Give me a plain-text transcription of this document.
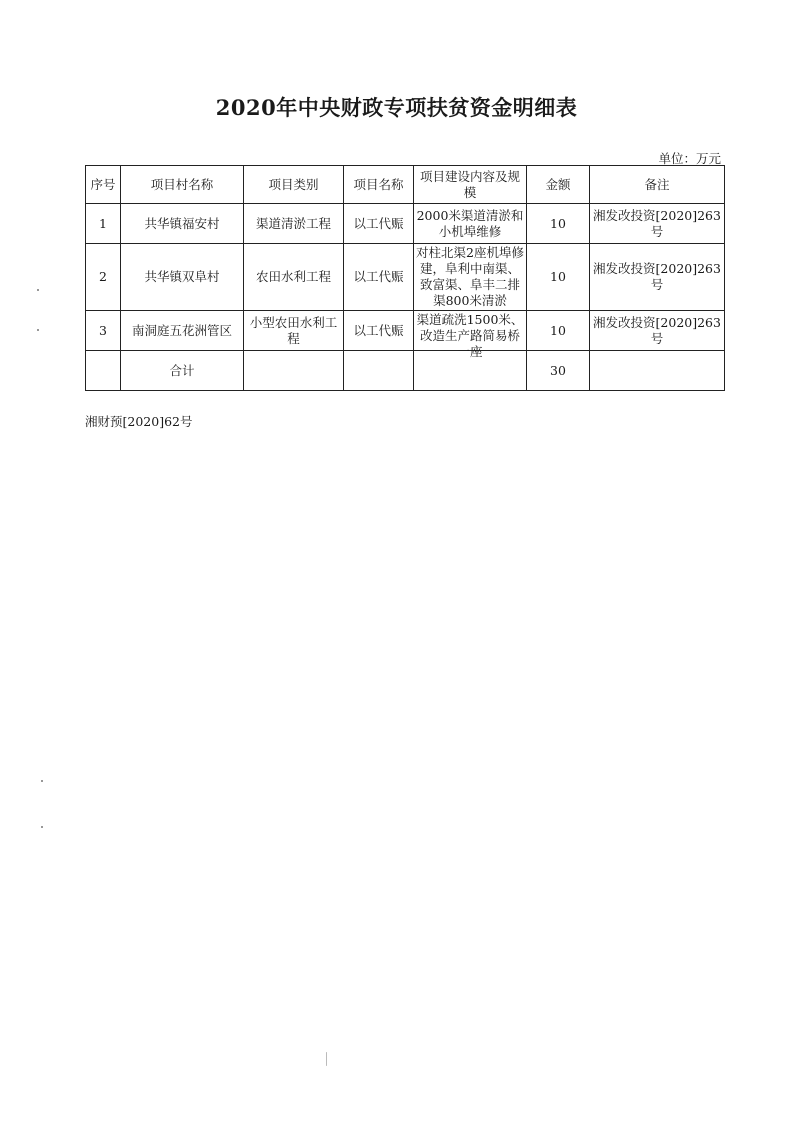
2020年中央财政专项扶贫资金明细表
单位：万元
序号	项目村名称	项目类别	项目名称	项目建设内容及规模	金额	备注
1	共华镇福安村	渠道清淤工程	以工代赈	2000米渠道清淤和小机埠维修	10	湘发改投资[2020]263号
2	共华镇双阜村	农田水利工程	以工代赈	对柱北渠2座机埠修建，阜利中南渠、致富渠、阜丰二排渠800米清淤	10	湘发改投资[2020]263号
3	南洞庭五花洲管区	小型农田水利工程	以工代赈	渠道疏洗1500米、改造生产路简易桥一座	10	湘发改投资[2020]263号
	合计				30	
湘财预[2020]62号
